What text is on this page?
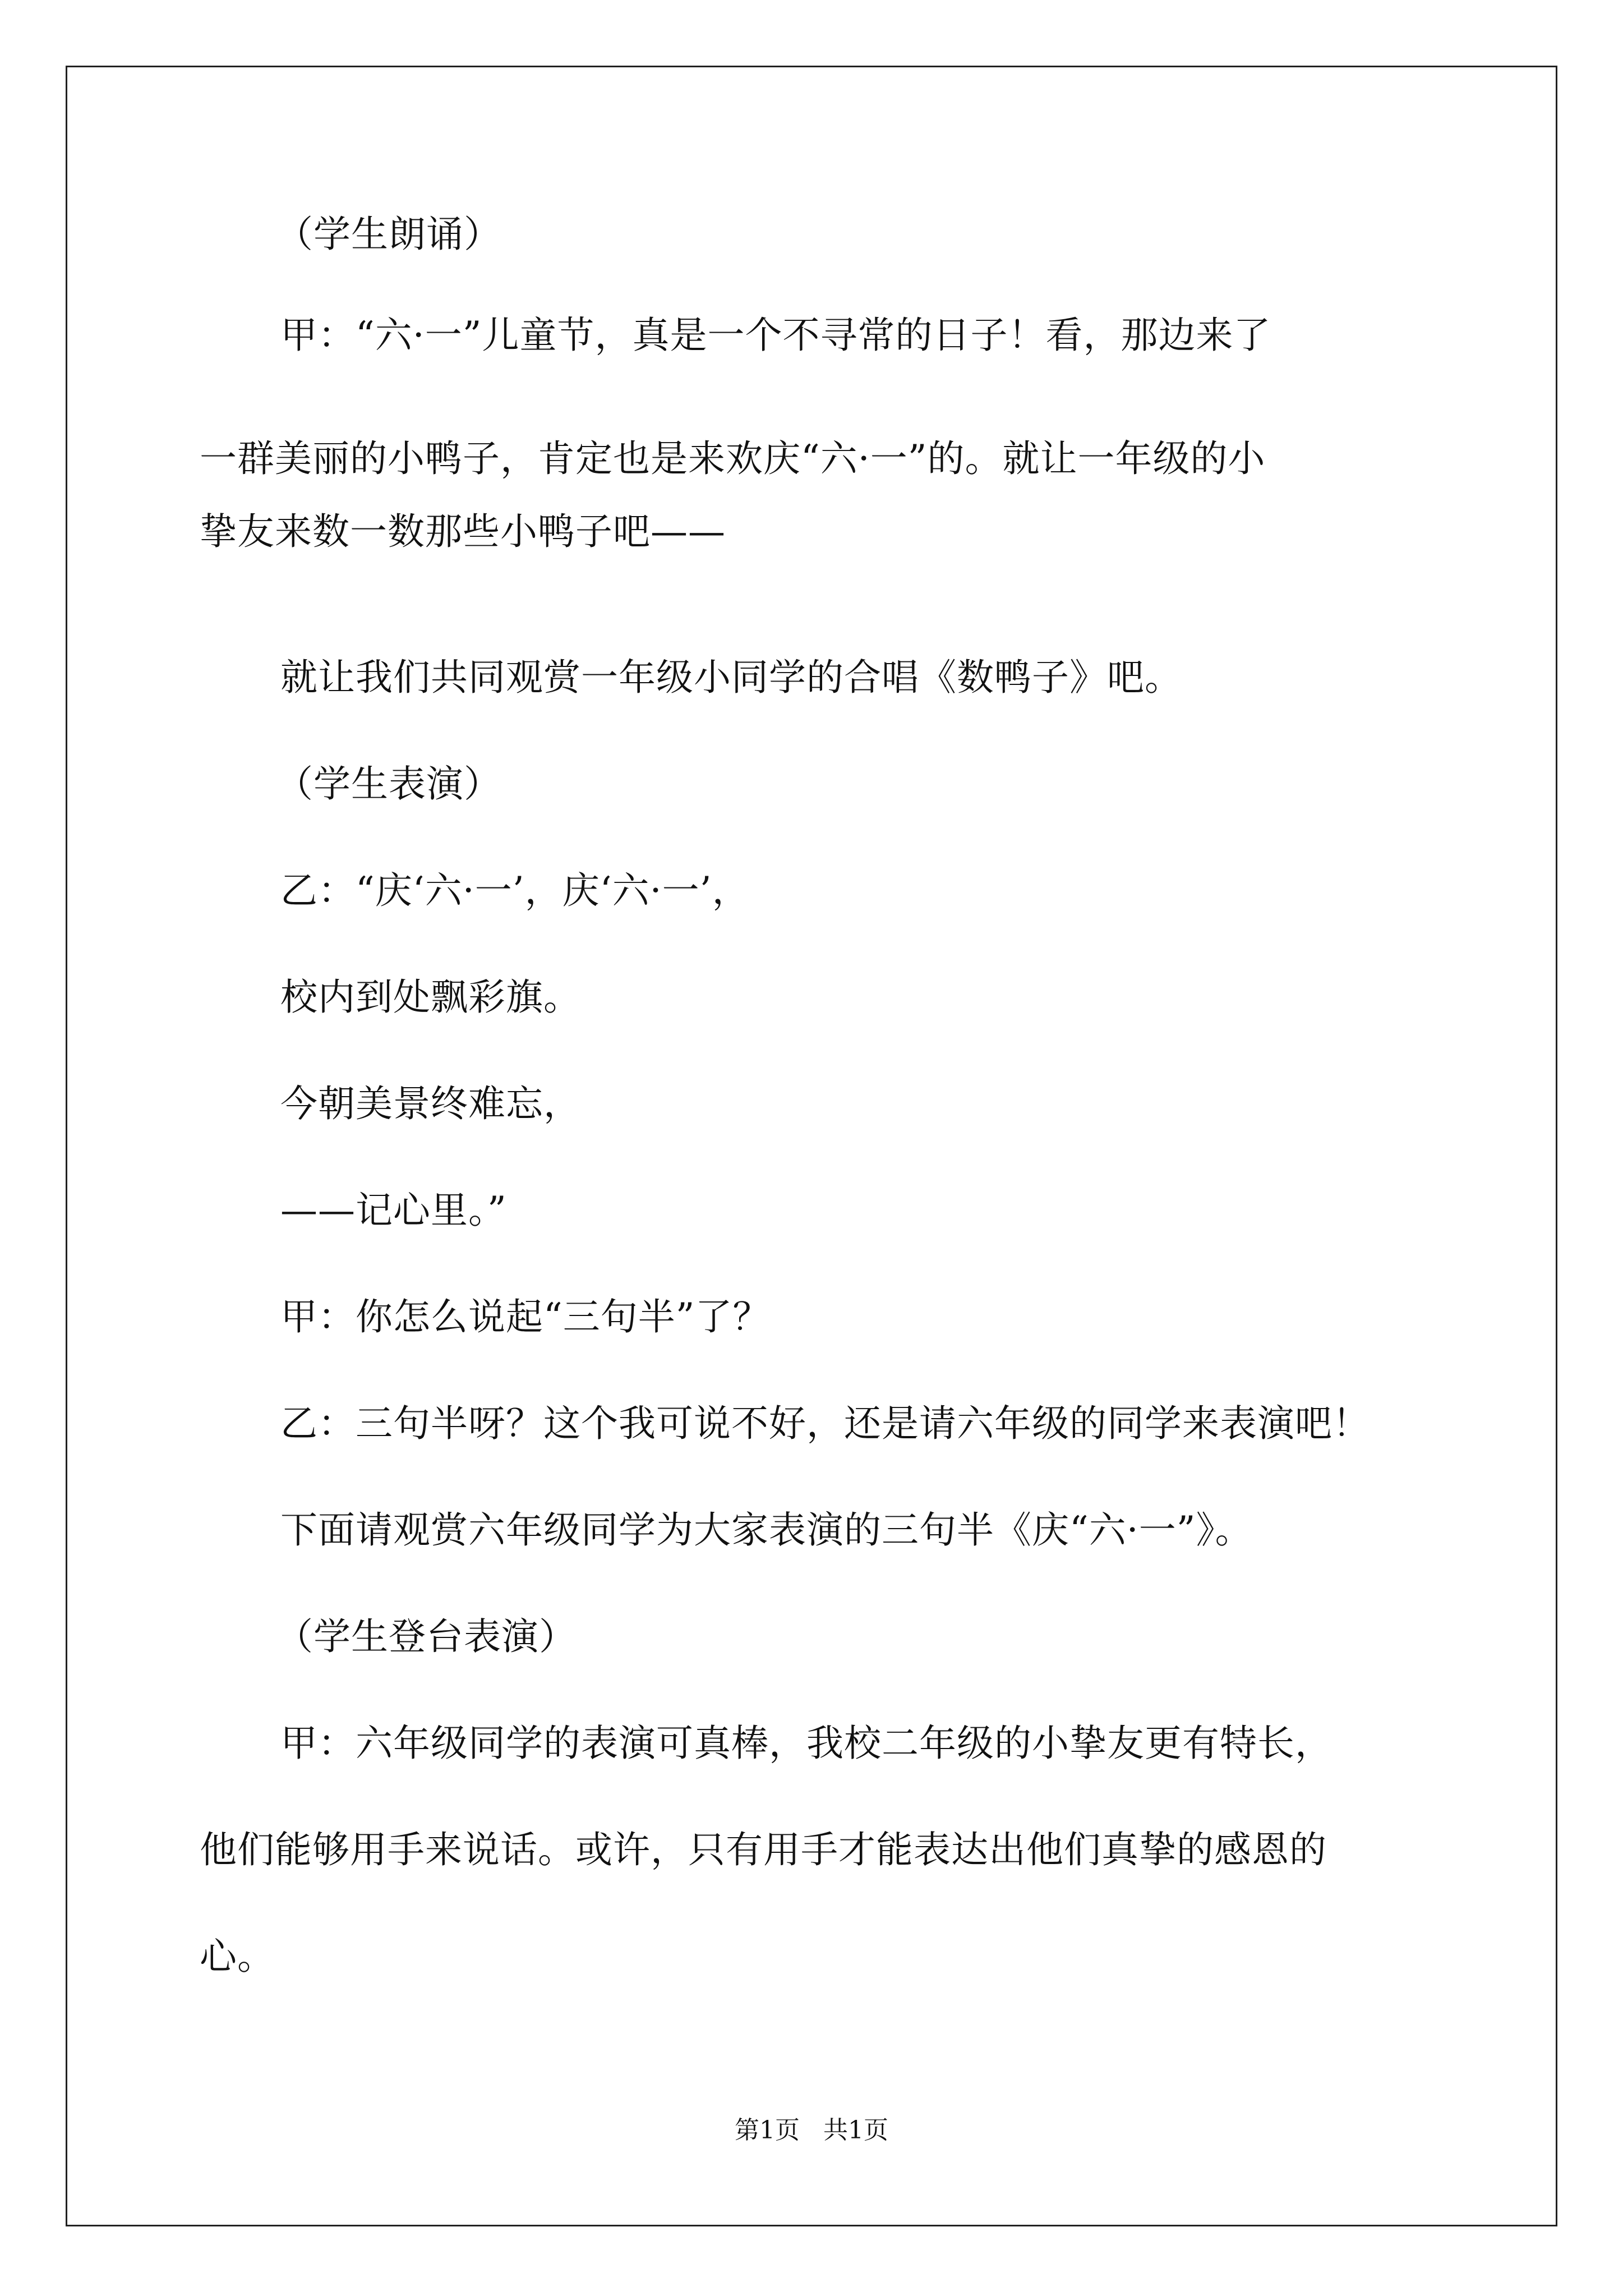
（学生朗诵）
甲：“六·一”儿童节，真是一个不寻常的日子！看，那边来了
一群美丽的小鸭子，肯定也是来欢庆“六·一”的。就让一年级的小
挚友来数一数那些小鸭子吧——
就让我们共同观赏一年级小同学的合唱《数鸭子》吧。
（学生表演）
乙：“庆‘六·一’，庆‘六·一’，
校内到处飘彩旗。
今朝美景终难忘，
——记心里。”
甲：你怎么说起“三句半”了？
乙：三句半呀？这个我可说不好，还是请六年级的同学来表演吧！
下面请观赏六年级同学为大家表演的三句半《庆“六·一”》。
（学生登台表演）
甲：六年级同学的表演可真棒，我校二年级的小挚友更有特长，
他们能够用手来说话。或许，只有用手才能表达出他们真挚的感恩的
心。
第1页 共1页
